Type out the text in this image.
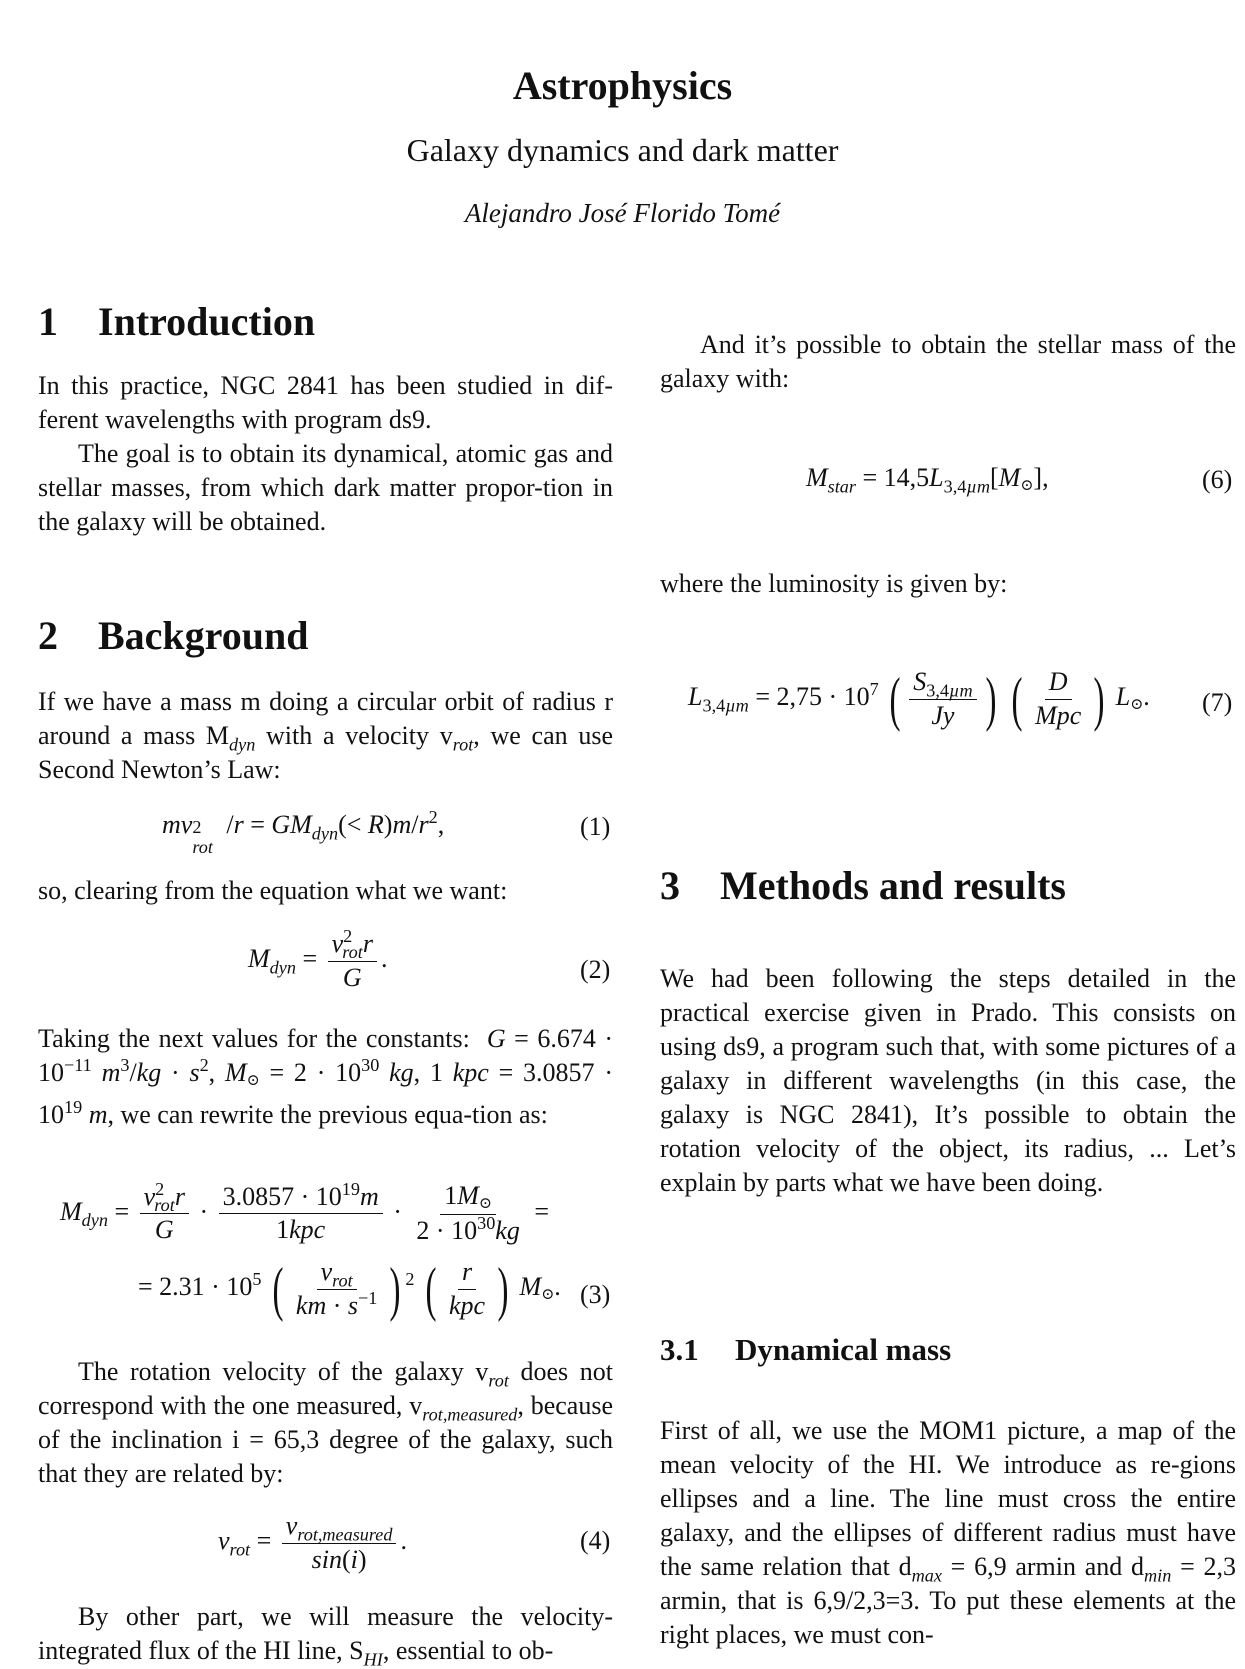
Astrophysics
Galaxy dynamics and dark matter
Alejandro José Florido Tomé
1 Introduction
In this practice, NGC 2841 has been studied in dif-ferent wavelengths with program ds9.
The goal is to obtain its dynamical, atomic gas and stellar masses, from which dark matter propor-tion in the galaxy will be obtained.
2 Background
If we have a mass m doing a circular orbit of radius r around a mass $M_{dyn}$ with a velocity $v_{rot}$, we can use Second Newton’s Law:
mv 2
rot
$/r = GM_{dyn}(< R)m/r^2$,	(1)
so, clearing from the equation what we want:
$M_{dyn} = \frac{v^2_{rot}r}{G}$ .	(2)
Taking the next values for the constants: $G = 6.674 \cdot 10^{-11}$ $m^3/kg \cdot s^2$, M⊙ = $2 \cdot 10^{30}$ kg, 1 kpc = $3.0857 \cdot 10^{19}$ m, we can rewrite the previous equa-tion as:
$M_{dyn} = \frac{v^2_{rot}r}{G} \cdot \frac{3.0857 \cdot 10^{19}m}{\text{1kpc}} \cdot \frac{1M⊙}{2 \cdot 10^{30}kg}$ =
= $2.31 \cdot 10^5$ ( $\frac{v_{rot}}{km \cdot s^{-1}}$ ) $^2$ ( $\frac{r}{\text{kpc}}$ ) M⊙. (3)
The rotation velocity of the galaxy $v_{rot}$ does not correspond with the one measured, $v_{rot,measured}$, because of the inclination i = 65,3 degree of the galaxy, such that they are related by:
$v_{rot} = \frac{v_{rot,measured}}{\sin(i)}$ .	(4)
By other part, we will measure the velocity-integrated flux of the HI line, $S_{HI}$, essential to ob-
And it’s possible to obtain the stellar mass of the galaxy with:
$M_{star}$ = $14,5L_{3,4\mu m}[M⊙]$,	(6)
where the luminosity is given by:
$L_{3,4\mu m} = 2,75 \cdot 10^7$ ( $\frac{S_{3,4\mu m}}{Jy}$ ) ( $\frac{D}{\text{Mpc}}$ ) L⊙. (7)
3 Methods and results
We had been following the steps detailed in the practical exercise given in Prado. This consists on using ds9, a program such that, with some pictures of a galaxy in different wavelengths (in this case, the galaxy is NGC 2841), It’s possible to obtain the rotation velocity of the object, its radius, ... Let’s explain by parts what we have been doing.
3.1 Dynamical mass
First of all, we use the MOM1 picture, a map of the mean velocity of the HI. We introduce as re-gions ellipses and a line. The line must cross the entire galaxy, and the ellipses of different radius must have the same relation that $d_{max} = 6,9$ armin and $d_{min} = 2,3$ armin, that is 6,9/2,3=3. To put these elements at the right places, we must con-
